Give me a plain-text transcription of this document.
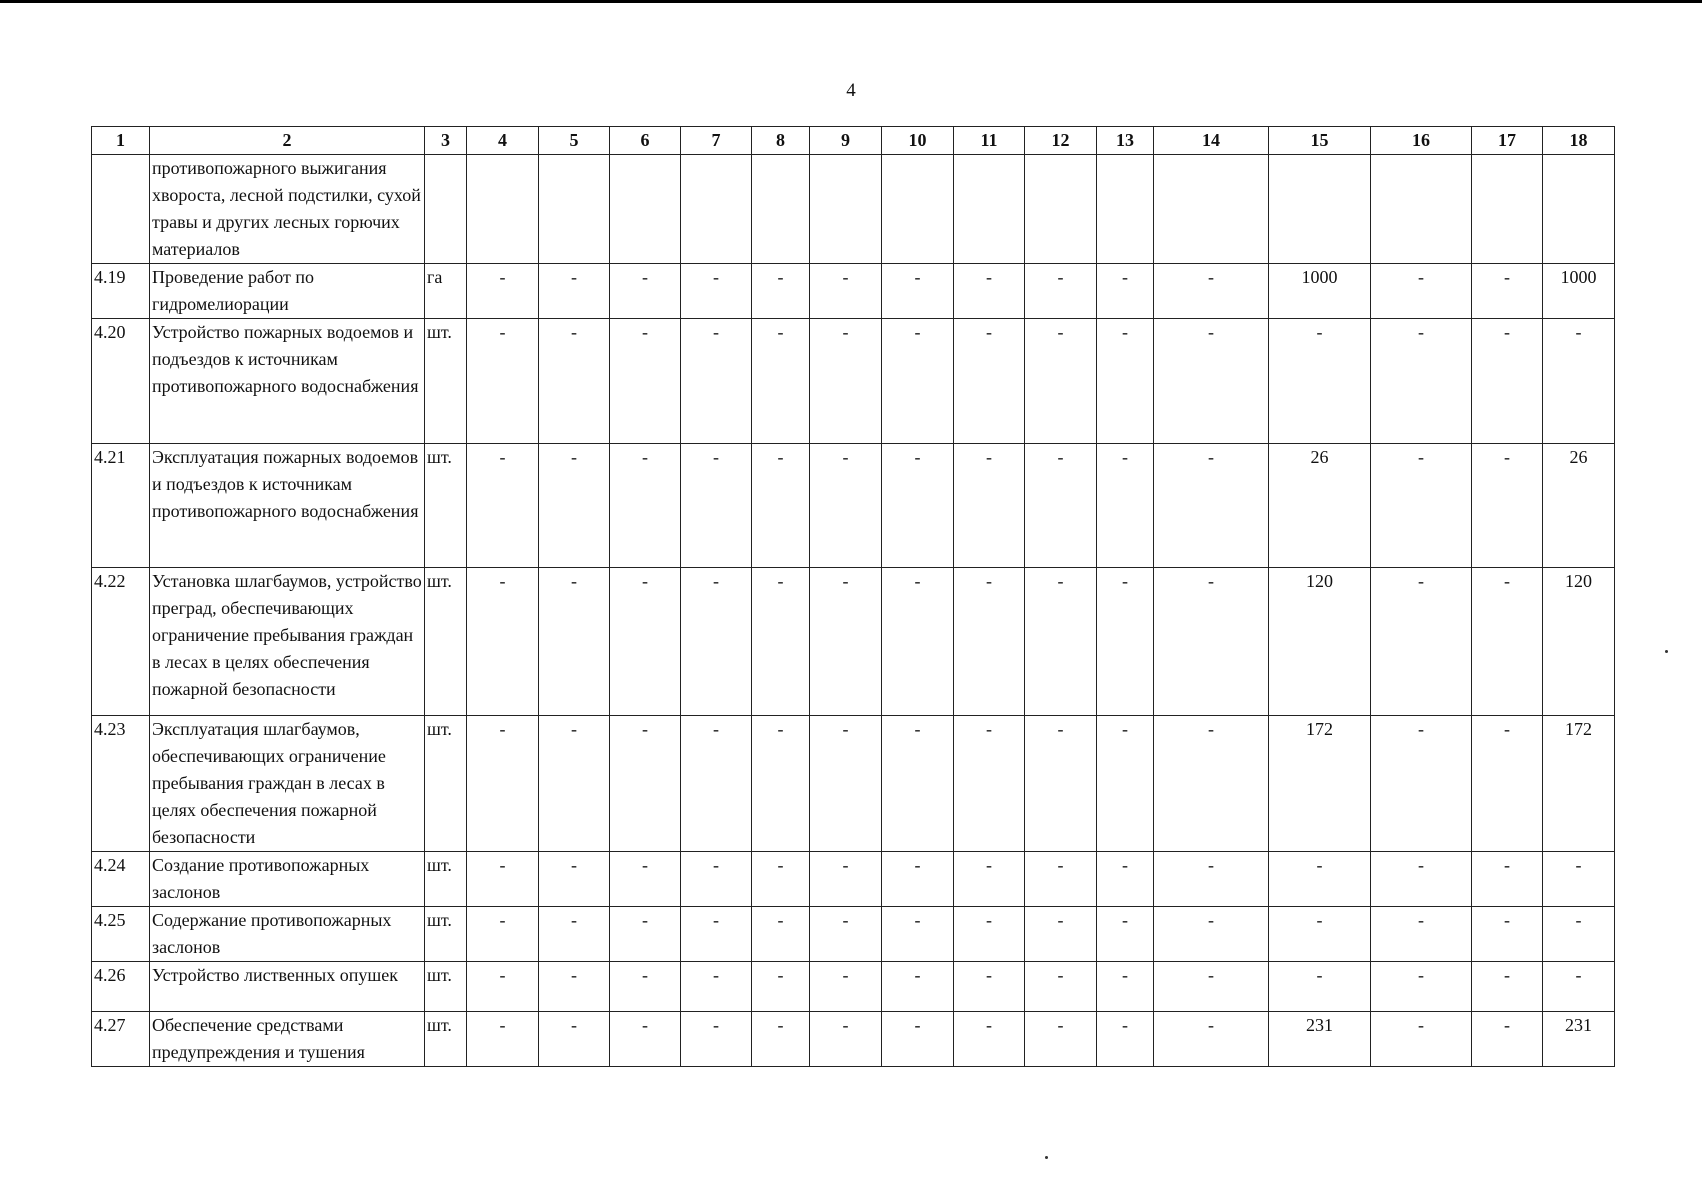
4
1	2	3	4	5	6	7	8	9	10	11	12	13	14	15	16	17	18
	противопожарного выжигания хвороста, лесной подстилки, сухой травы и других лесных горючих материалов																
4.19	Проведение работ по гидромелиорации	га	-	-	-	-	-	-	-	-	-	-	-	1000	-	-	1000
4.20	Устройство пожарных водоемов и подъездов к источникам противопожарного водоснабжения	шт.	-	-	-	-	-	-	-	-	-	-	-	-	-	-	-
4.21	Эксплуатация пожарных водоемов и подъездов к источникам противопожарного водоснабжения	шт.	-	-	-	-	-	-	-	-	-	-	-	26	-	-	26
4.22	Установка шлагбаумов, устройство преград, обеспечивающих ограничение пребывания граждан в лесах в целях обеспечения пожарной безопасности	шт.	-	-	-	-	-	-	-	-	-	-	-	120	-	-	120
4.23	Эксплуатация шлагбаумов, обеспечивающих ограничение пребывания граждан в лесах в целях обеспечения пожарной безопасности	шт.	-	-	-	-	-	-	-	-	-	-	-	172	-	-	172
4.24	Создание противопожарных заслонов	шт.	-	-	-	-	-	-	-	-	-	-	-	-	-	-	-
4.25	Содержание противопожарных заслонов	шт.	-	-	-	-	-	-	-	-	-	-	-	-	-	-	-
4.26	Устройство лиственных опушек	шт.	-	-	-	-	-	-	-	-	-	-	-	-	-	-	-
4.27	Обеспечение средствами предупреждения и тушения	шт.	-	-	-	-	-	-	-	-	-	-	-	231	-	-	231
